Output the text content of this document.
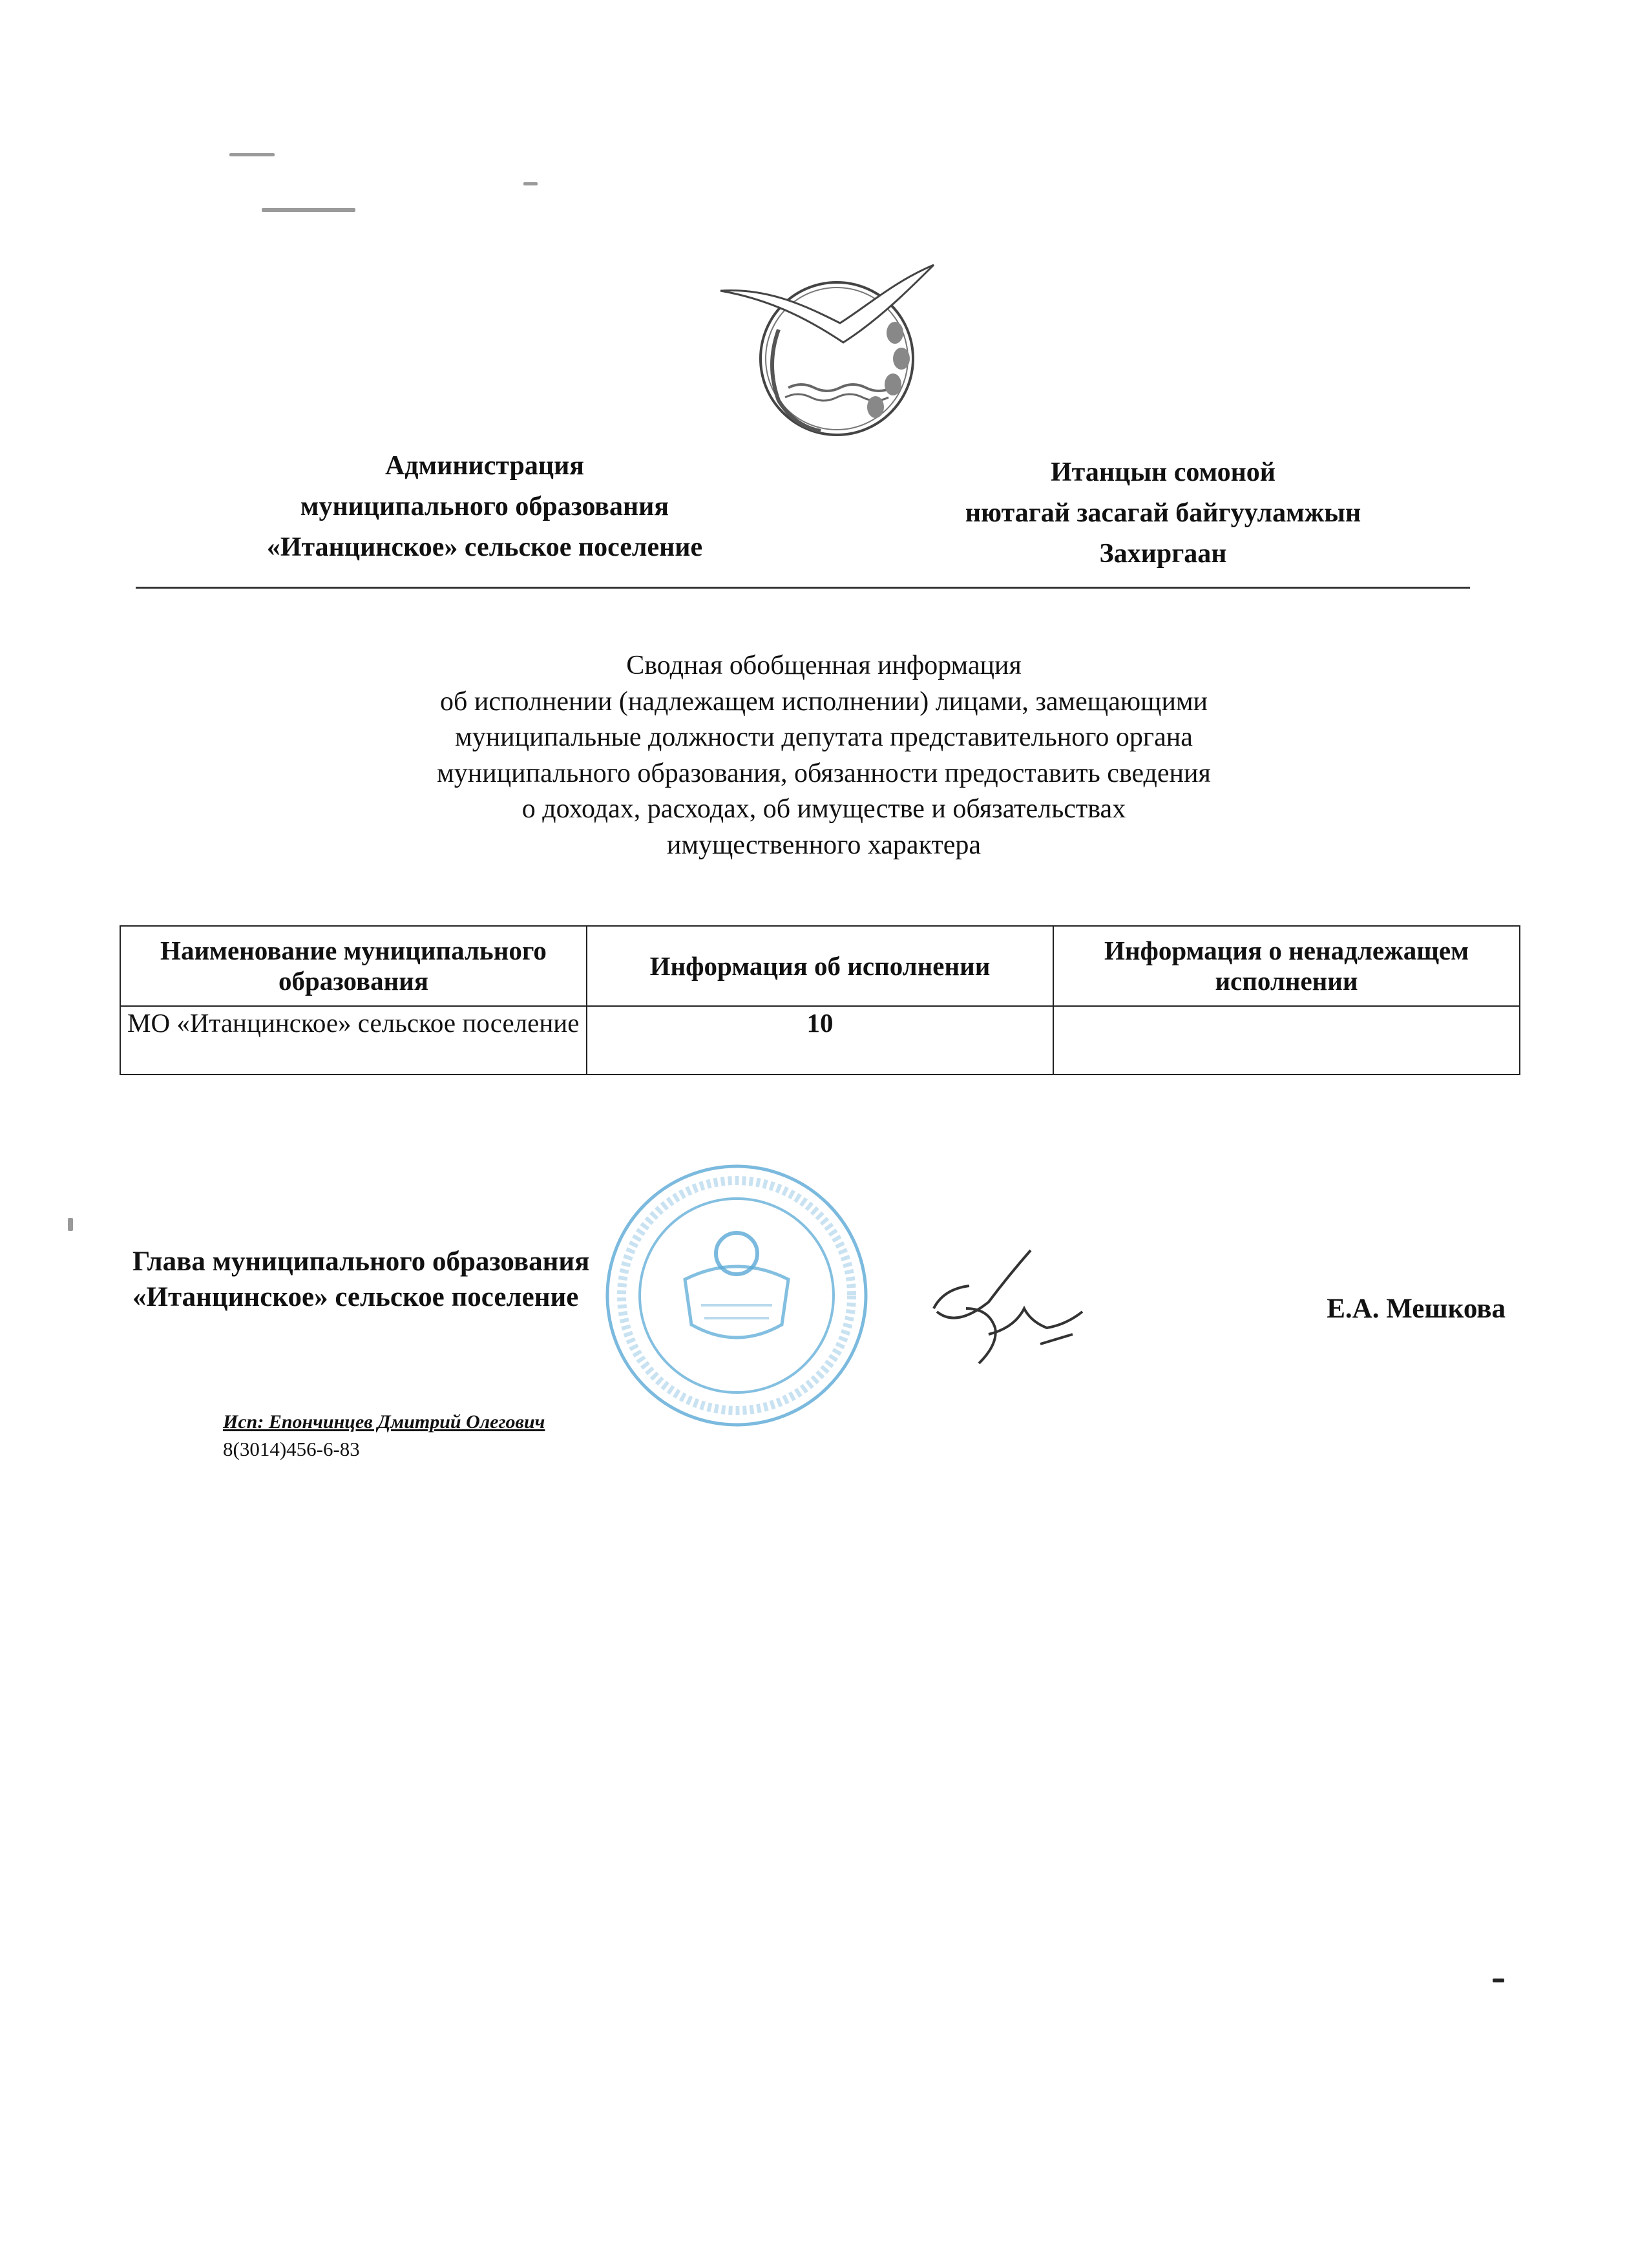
Администрация
муниципального образования
«Итанцинское» сельское поселение
Итанцын сомоной
нютагай засагай байгууламжын
Захиргаан
Сводная обобщенная информация
об исполнении (надлежащем исполнении) лицами, замещающими
муниципальные должности депутата представительного органа
муниципального образования, обязанности предоставить сведения
о доходах, расходах, об имуществе и обязательствах
имущественного характера
Наименование муниципального образования	Информация об исполнении	Информация о ненадлежащем исполнении
МО «Итанцинское» сельское поселение	10	
Глава муниципального образования
«Итанцинское» сельское поселение	Е.А. Мешкова
Исп: Епончинцев Дмитрий Олегович
8(3014)456-6-83
